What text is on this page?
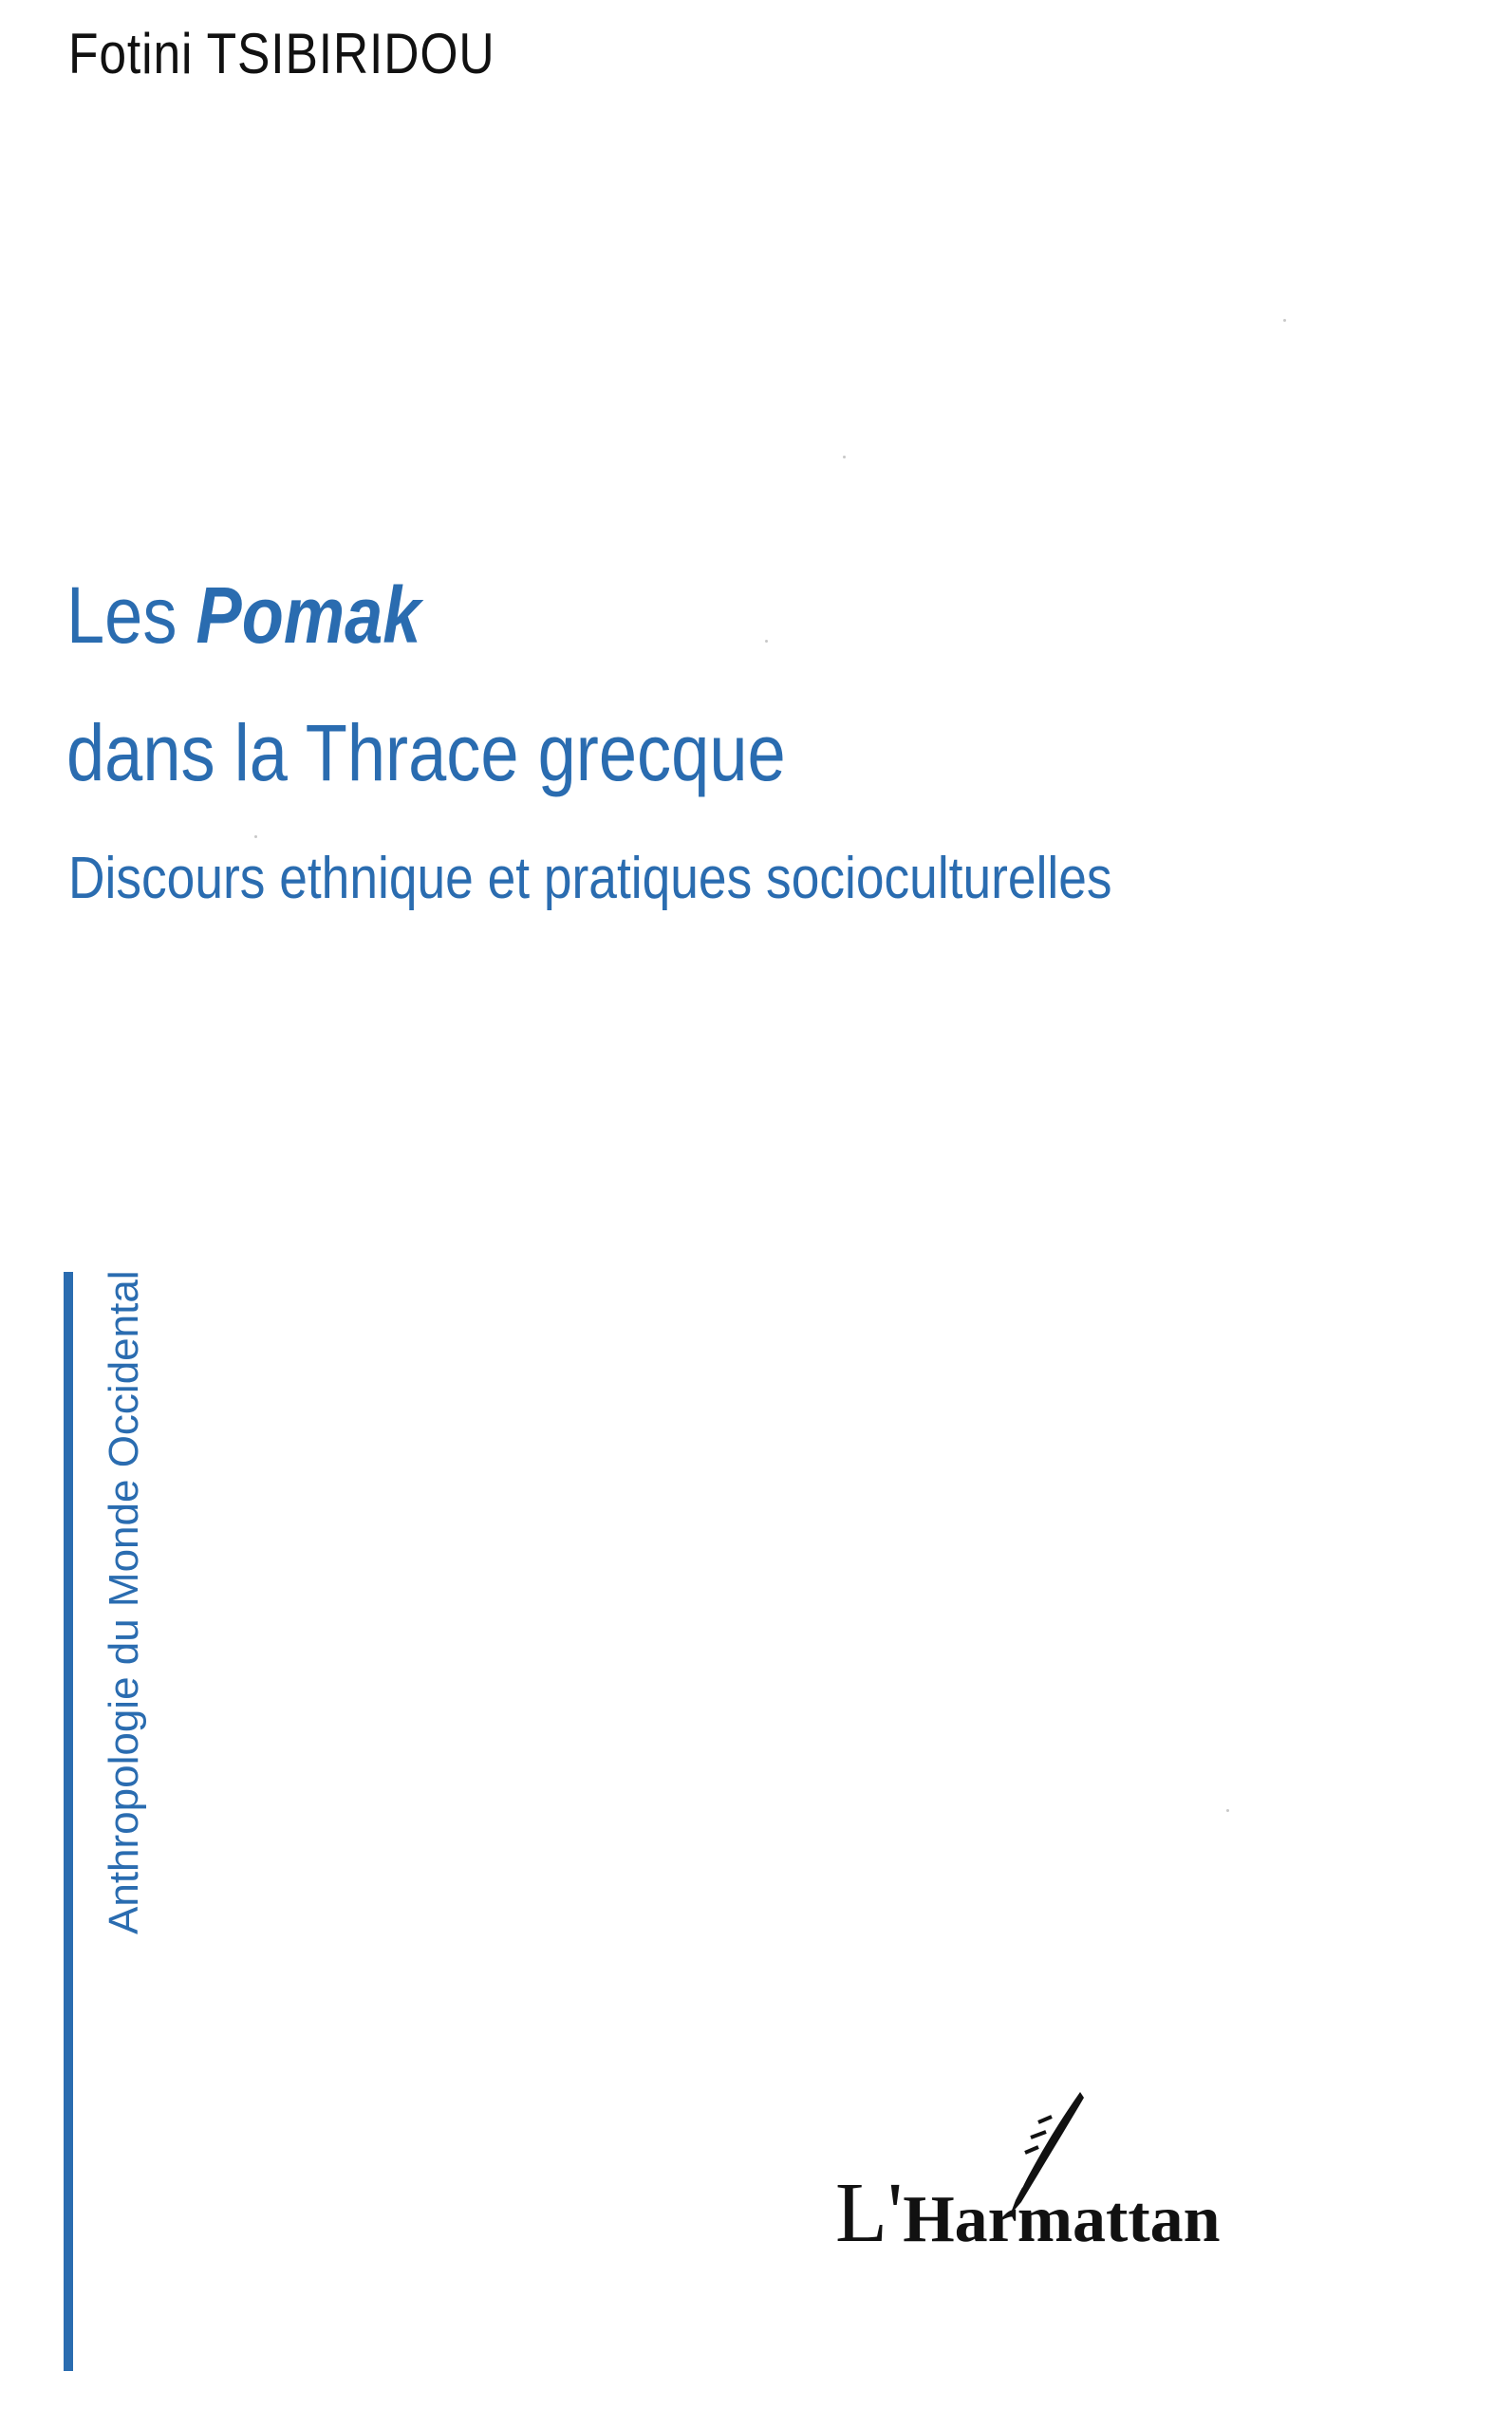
Fotini TSIBIRIDOU
Les Pomak
dans la Thrace grecque
Discours ethnique et pratiques socioculturelles
Anthropologie du Monde Occidental
L'Harmattan
